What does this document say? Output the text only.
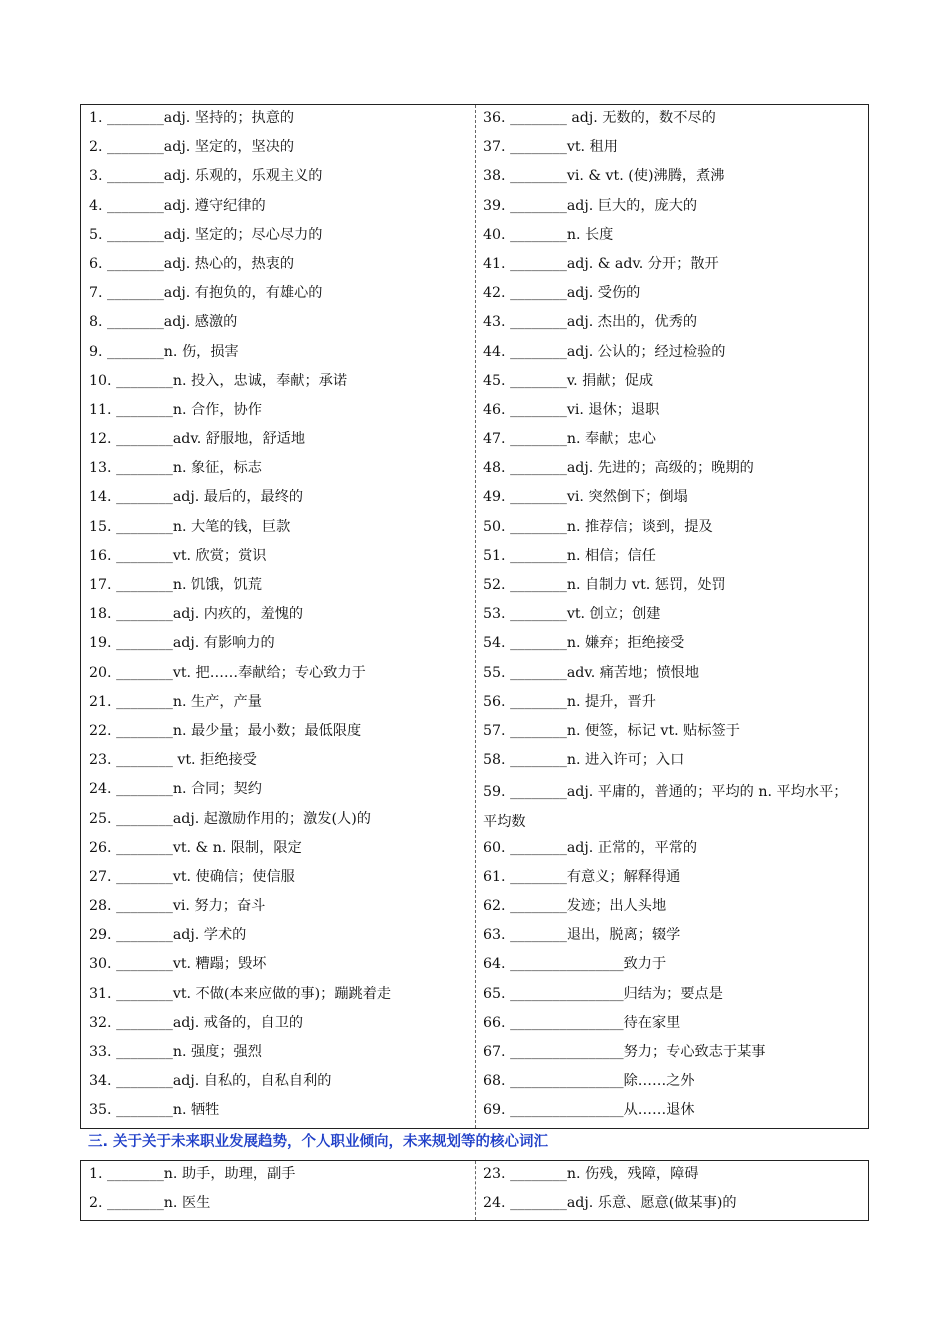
1. ________adj. 坚持的；执意的
2. ________adj. 坚定的，坚决的
3. ________adj. 乐观的，乐观主义的
4. ________adj. 遵守纪律的
5. ________adj. 坚定的；尽心尽力的
6. ________adj. 热心的，热衷的
7. ________adj. 有抱负的，有雄心的
8. ________adj. 感激的
9. ________n. 伤，损害
10. ________n. 投入，忠诚，奉献；承诺
11. ________n. 合作，协作
12. ________adv. 舒服地，舒适地
13. ________n. 象征，标志
14. ________adj. 最后的，最终的
15. ________n. 大笔的钱，巨款
16. ________vt. 欣赏；赏识
17. ________n. 饥饿，饥荒
18. ________adj. 内疚的，羞愧的
19. ________adj. 有影响力的
20. ________vt. 把……奉献给；专心致力于
21. ________n. 生产，产量
22. ________n. 最少量；最小数；最低限度
23. ________ vt. 拒绝接受
24. ________n. 合同；契约
25. ________adj. 起激励作用的；激发(人)的
26. ________vt. & n. 限制，限定
27. ________vt. 使确信；使信服
28. ________vi. 努力；奋斗
29. ________adj. 学术的
30. ________vt. 糟蹋；毁坏
31. ________vt. 不做(本来应做的事)；蹦跳着走
32. ________adj. 戒备的，自卫的
33. ________n. 强度；强烈
34. ________adj. 自私的，自私自利的
35. ________n. 牺牲
36. ________ adj. 无数的，数不尽的
37. ________vt. 租用
38. ________vi. & vt. (使)沸腾，煮沸
39. ________adj. 巨大的，庞大的
40. ________n. 长度
41. ________adj. & adv. 分开；散开
42. ________adj. 受伤的
43. ________adj. 杰出的，优秀的
44. ________adj. 公认的；经过检验的
45. ________v. 捐献；促成
46. ________vi. 退休；退职
47. ________n. 奉献；忠心
48. ________adj. 先进的；高级的；晚期的
49. ________vi. 突然倒下；倒塌
50. ________n. 推荐信；谈到，提及
51. ________n. 相信；信任
52. ________n. 自制力 vt. 惩罚，处罚
53. ________vt. 创立；创建
54. ________n. 嫌弃；拒绝接受
55. ________adv. 痛苦地；愤恨地
56. ________n. 提升，晋升
57. ________n. 便签，标记 vt. 贴标签于
58. ________n. 进入许可；入口
59. ________adj. 平庸的，普通的；平均的 n. 平均水平；平均数
60. ________adj. 正常的，平常的
61. ________有意义；解释得通
62. ________发迹；出人头地
63. ________退出，脱离；辍学
64. ________________致力于
65. ________________归结为；要点是
66. ________________待在家里
67. ________________努力；专心致志于某事
68. ________________除……之外
69. ________________从……退休
三. 关于关于未来职业发展趋势，个人职业倾向，未来规划等的核心词汇
1. ________n. 助手，助理，副手
2. ________n. 医生
23. ________n. 伤残，残障，障碍
24. ________adj. 乐意、愿意(做某事)的
